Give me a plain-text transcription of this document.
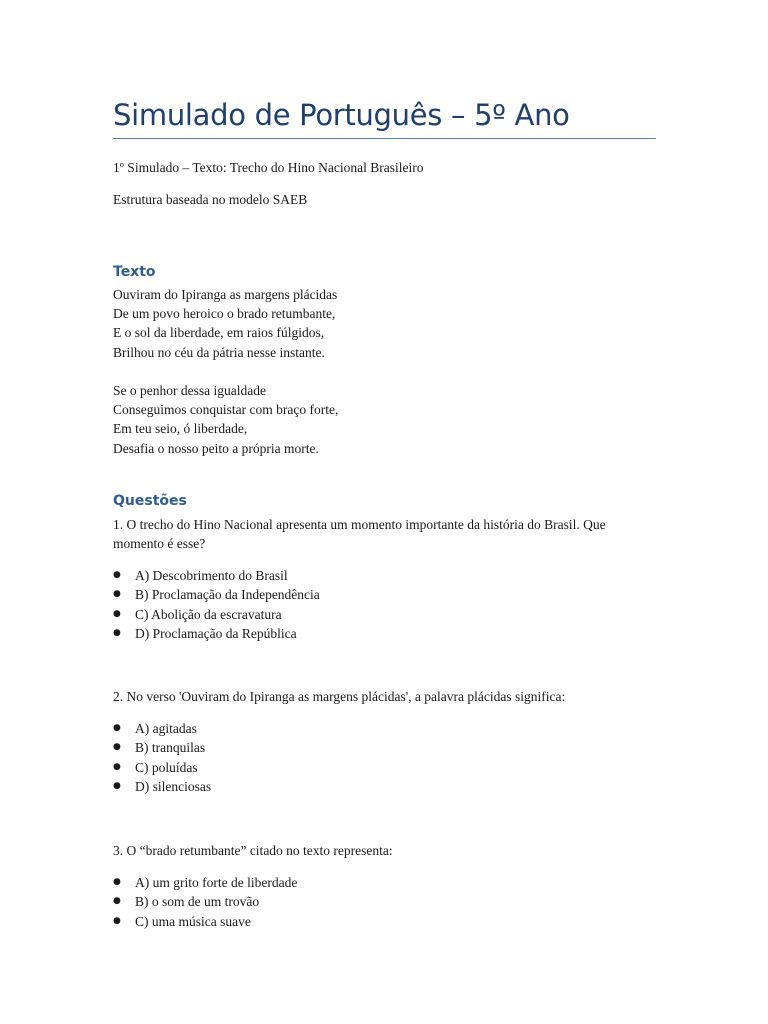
Simulado de Português – 5º Ano

1º Simulado – Texto: Trecho do Hino Nacional Brasileiro

Estrutura baseada no modelo SAEB

Texto

Ouviram do Ipiranga as margens plácidas
De um povo heroico o brado retumbante,
E o sol da liberdade, em raios fúlgidos,
Brilhou no céu da pátria nesse instante.

Se o penhor dessa igualdade
Conseguimos conquistar com braço forte,
Em teu seio, ó liberdade,
Desafia o nosso peito a própria morte.

Questões

1. O trecho do Hino Nacional apresenta um momento importante da história do Brasil. Que momento é esse?

● A) Descobrimento do Brasil
● B) Proclamação da Independência
● C) Abolição da escravatura
● D) Proclamação da República

2. No verso 'Ouviram do Ipiranga as margens plácidas', a palavra plácidas significa:

● A) agitadas
● B) tranquilas
● C) poluídas
● D) silenciosas

3. O “brado retumbante” citado no texto representa:

● A) um grito forte de liberdade
● B) o som de um trovão
● C) uma música suave
